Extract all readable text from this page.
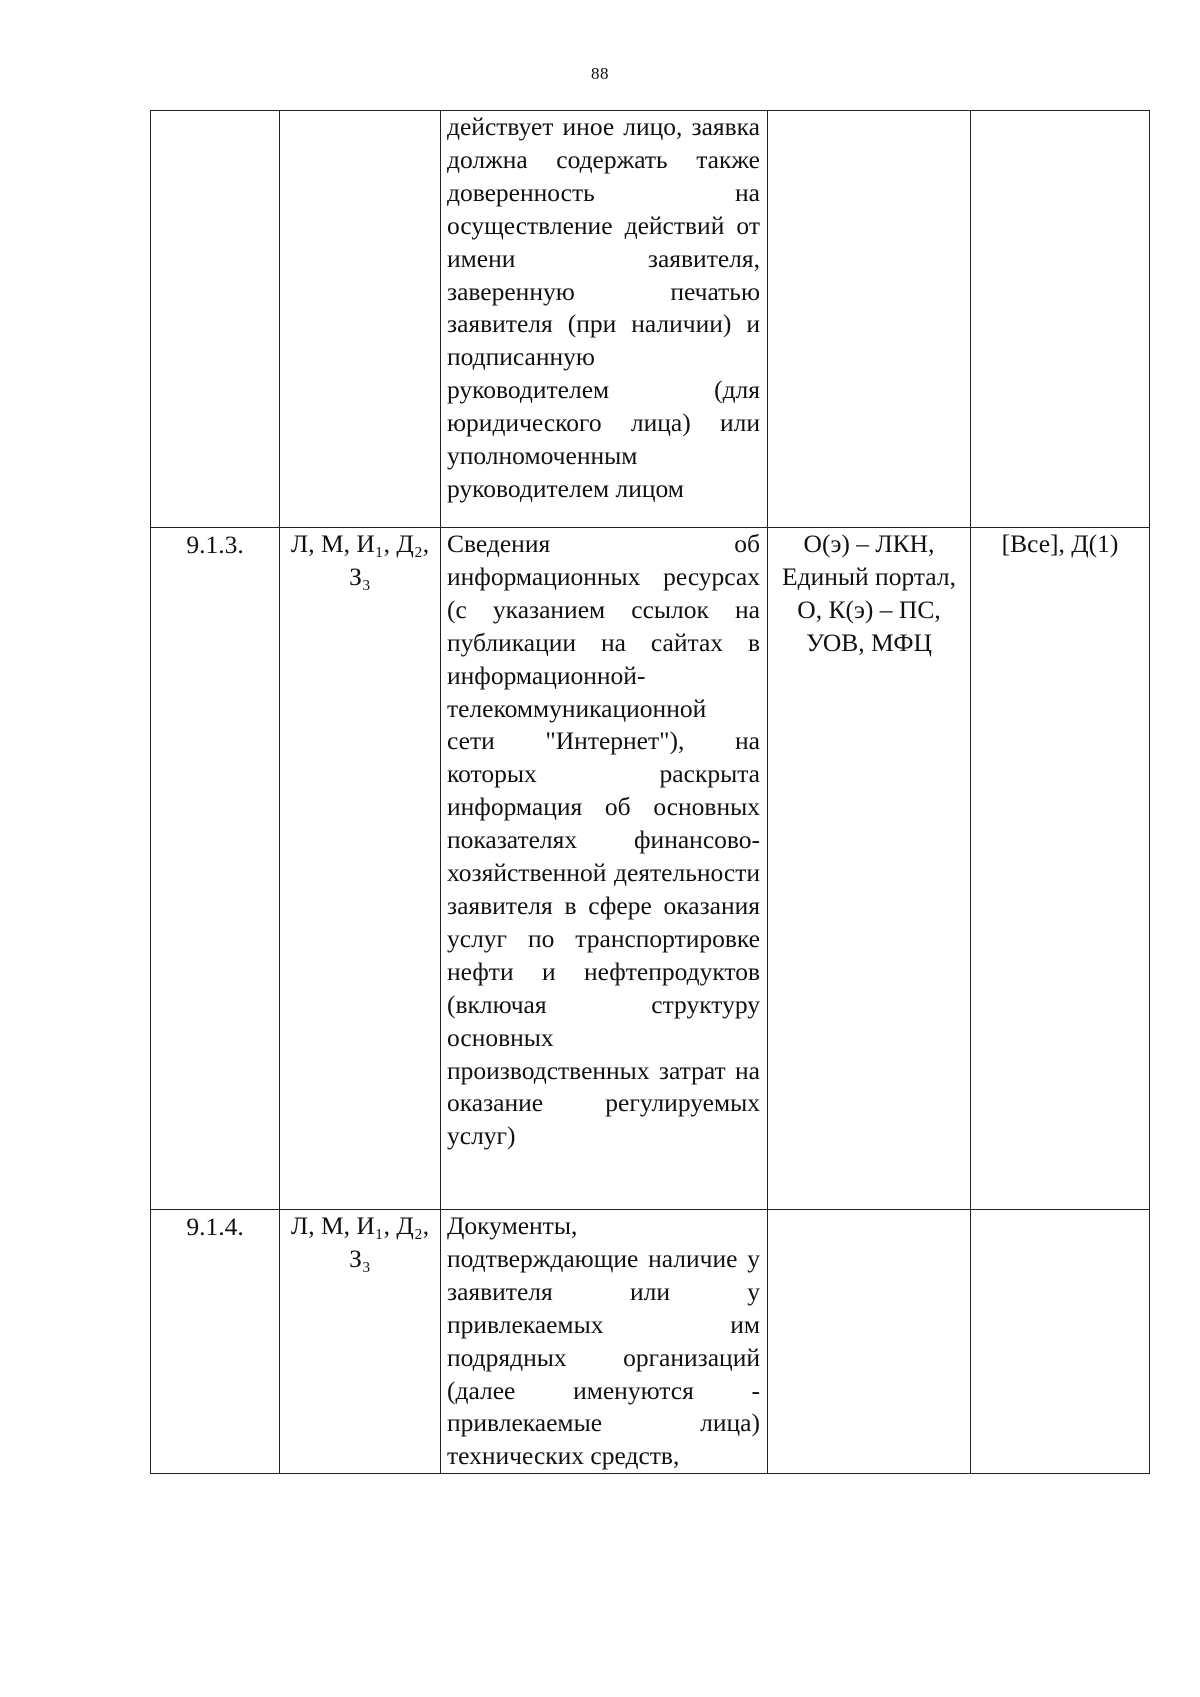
88

		действует иное лицо, заявка должна содержать также доверенность на осуществление действий от имени заявителя, заверенную печатью заявителя (при наличии) и подписанную руководителем (для юридического лица) или уполномоченным руководителем лицом		

9.1.3.	Л, М, И₁, Д₂, З₃	Сведения об информационных ресурсах (с указанием ссылок на публикации на сайтах в информационной-телекоммуникационной сети "Интернет"), на которых раскрыта информация об основных показателях финансово-хозяйственной деятельности заявителя в сфере оказания услуг по транспортировке нефти и нефтепродуктов (включая структуру основных производственных затрат на оказание регулируемых услуг)	О(э) – ЛКН, Единый портал, О, К(э) – ПС, УОВ, МФЦ	[Все], Д(1)

9.1.4.	Л, М, И₁, Д₂, З₃	Документы, подтверждающие наличие у заявителя или у привлекаемых им подрядных организаций (далее именуются - привлекаемые лица) технических средств,		
